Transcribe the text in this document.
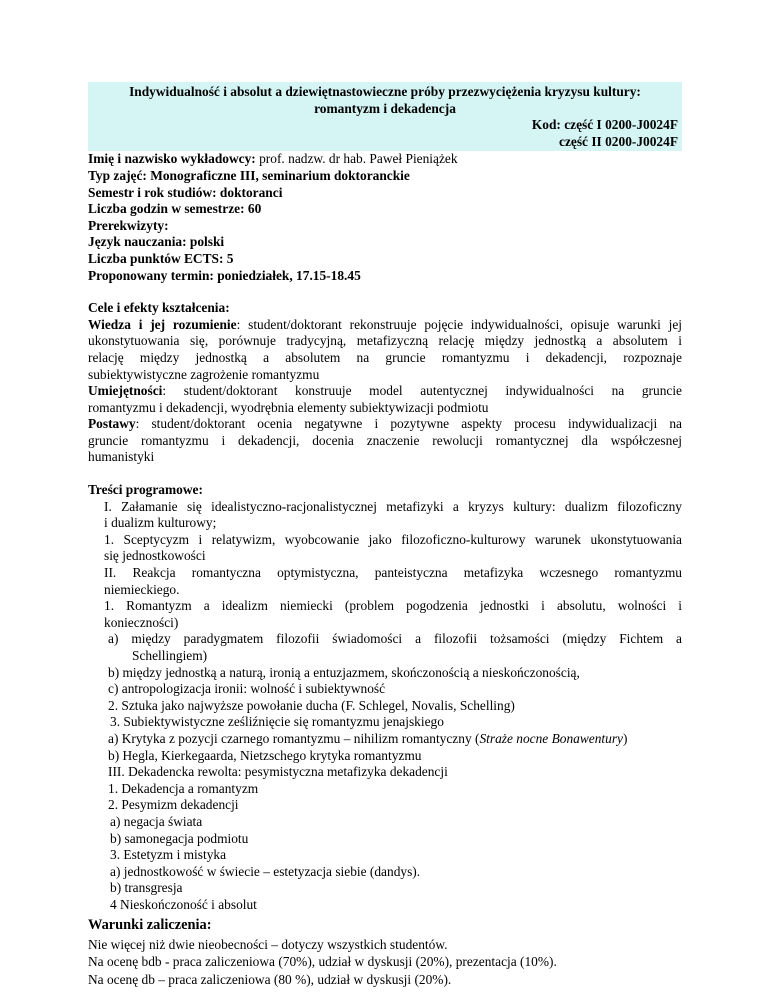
Indywidualność i absolut a dziewiętnastowieczne próby przezwyciężenia kryzysu kultury:
romantyzm i dekadencja
Kod: część I 0200-J0024F
część II 0200-J0024F
Imię i nazwisko wykładowcy: prof. nadzw. dr hab. Paweł Pieniążek
Typ zajęć: Monograficzne III, seminarium doktoranckie
Semestr i rok studiów: doktoranci
Liczba godzin w semestrze: 60
Prerekwizyty:
Język nauczania: polski
Liczba punktów ECTS: 5
Proponowany termin: poniedziałek, 17.15-18.45
Cele i efekty kształcenia:
Wiedza i jej rozumienie: student/doktorant rekonstruuje pojęcie indywidualności, opisuje warunki jej
ukonstytuowania się, porównuje tradycyjną, metafizyczną relację między jednostką a absolutem i
relację między jednostką a absolutem na gruncie romantyzmu i dekadencji, rozpoznaje
subiektywistyczne zagrożenie romantyzmu
Umiejętności: student/doktorant konstruuje model autentycznej indywidualności na gruncie
romantyzmu i dekadencji, wyodrębnia elementy subiektywizacji podmiotu
Postawy: student/doktorant ocenia negatywne i pozytywne aspekty procesu indywidualizacji na
gruncie romantyzmu i dekadencji, docenia znaczenie rewolucji romantycznej dla współczesnej
humanistyki
Treści programowe:
I. Załamanie się idealistyczno-racjonalistycznej metafizyki a kryzys kultury: dualizm filozoficzny
i dualizm kulturowy;
1. Sceptycyzm i relatywizm, wyobcowanie jako filozoficzno-kulturowy warunek ukonstytuowania
się jednostkowości
II. Reakcja romantyczna optymistyczna, panteistyczna metafizyka wczesnego romantyzmu
niemieckiego.
1. Romantyzm a idealizm niemiecki (problem pogodzenia jednostki i absolutu, wolności i
konieczności)
a) między paradygmatem filozofii świadomości a filozofii tożsamości (między Fichtem a
Schellingiem)
b) między jednostką a naturą, ironią a entuzjazmem, skończonością a nieskończonością,
c) antropologizacja ironii: wolność i subiektywność
2. Sztuka jako najwyższe powołanie ducha (F. Schlegel, Novalis, Schelling)
3. Subiektywistyczne ześliźnięcie się romantyzmu jenajskiego
a) Krytyka z pozycji czarnego romantyzmu – nihilizm romantyczny (Straże nocne Bonawentury)
b) Hegla, Kierkegaarda, Nietzschego krytyka romantyzmu
III. Dekadencka rewolta: pesymistyczna metafizyka dekadencji
1. Dekadencja a romantyzm
2. Pesymizm dekadencji
a) negacja świata
b) samonegacja podmiotu
3. Estetyzm i mistyka
a) jednostkowość w świecie – estetyzacja siebie (dandys).
b) transgresja
4 Nieskończoność i absolut
Warunki zaliczenia:
Nie więcej niż dwie nieobecności – dotyczy wszystkich studentów.
Na ocenę bdb - praca zaliczeniowa (70%), udział w dyskusji (20%), prezentacja (10%).
Na ocenę db – praca zaliczeniowa (80 %), udział w dyskusji (20%).
